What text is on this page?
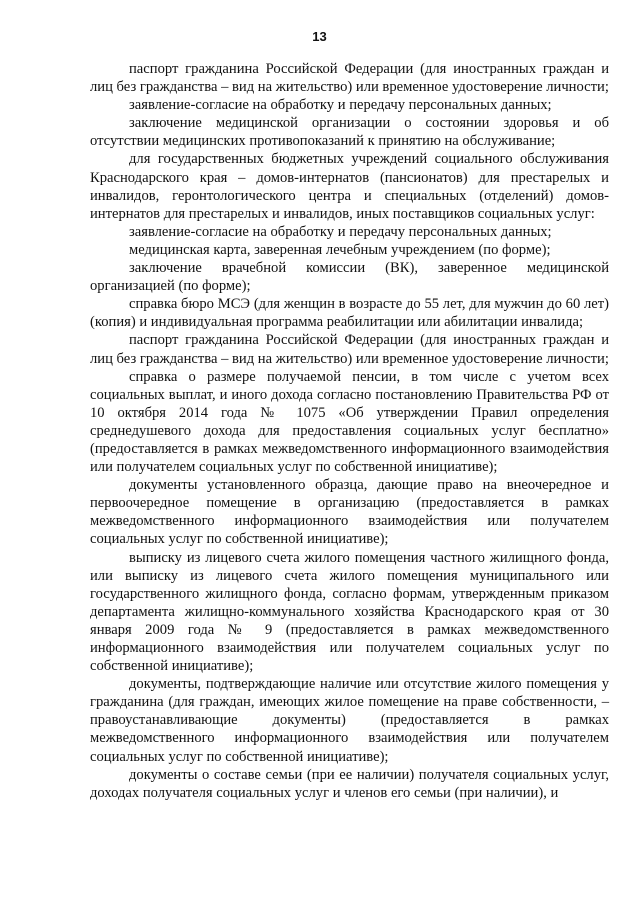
13

паспорт гражданина Российской Федерации (для иностранных граждан и лиц без гражданства – вид на жительство) или временное удостоверение личности;

заявление-согласие на обработку и передачу персональных данных;

заключение медицинской организации о состоянии здоровья и об отсутствии медицинских противопоказаний к принятию на обслуживание;

для государственных бюджетных учреждений социального обслуживания Краснодарского края – домов-интернатов (пансионатов) для престарелых и инвалидов, геронтологического центра и специальных (отделений) домов-интернатов для престарелых и инвалидов, иных поставщиков социальных услуг:

заявление-согласие на обработку и передачу персональных данных;

медицинская карта, заверенная лечебным учреждением (по форме);

заключение врачебной комиссии (ВК), заверенное медицинской организацией (по форме);

справка бюро МСЭ (для женщин в возрасте до 55 лет, для мужчин до 60 лет) (копия) и индивидуальная программа реабилитации или абилитации инвалида;

паспорт гражданина Российской Федерации (для иностранных граждан и лиц без гражданства – вид на жительство) или временное удостоверение личности;

справка о размере получаемой пенсии, в том числе с учетом всех социальных выплат, и иного дохода согласно постановлению Правительства РФ от 10 октября 2014 года № 1075 «Об утверждении Правил определения среднедушевого дохода для предоставления социальных услуг бесплатно» (предоставляется в рамках межведомственного информационного взаимодействия или получателем социальных услуг по собственной инициативе);

документы установленного образца, дающие право на внеочередное и первоочередное помещение в организацию (предоставляется в рамках межведомственного информационного взаимодействия или получателем социальных услуг по собственной инициативе);

выписку из лицевого счета жилого помещения частного жилищного фонда, или выписку из лицевого счета жилого помещения муниципального или государственного жилищного фонда, согласно формам, утвержденным приказом департамента жилищно-коммунального хозяйства Краснодарского края от 30 января 2009 года № 9 (предоставляется в рамках межведомственного информационного взаимодействия или получателем социальных услуг по собственной инициативе);

документы, подтверждающие наличие или отсутствие жилого помещения у гражданина (для граждан, имеющих жилое помещение на праве собственности, – правоустанавливающие документы) (предоставляется в рамках межведомственного информационного взаимодействия или получателем социальных услуг по собственной инициативе);

документы о составе семьи (при ее наличии) получателя социальных услуг, доходах получателя социальных услуг и членов его семьи (при наличии), и
